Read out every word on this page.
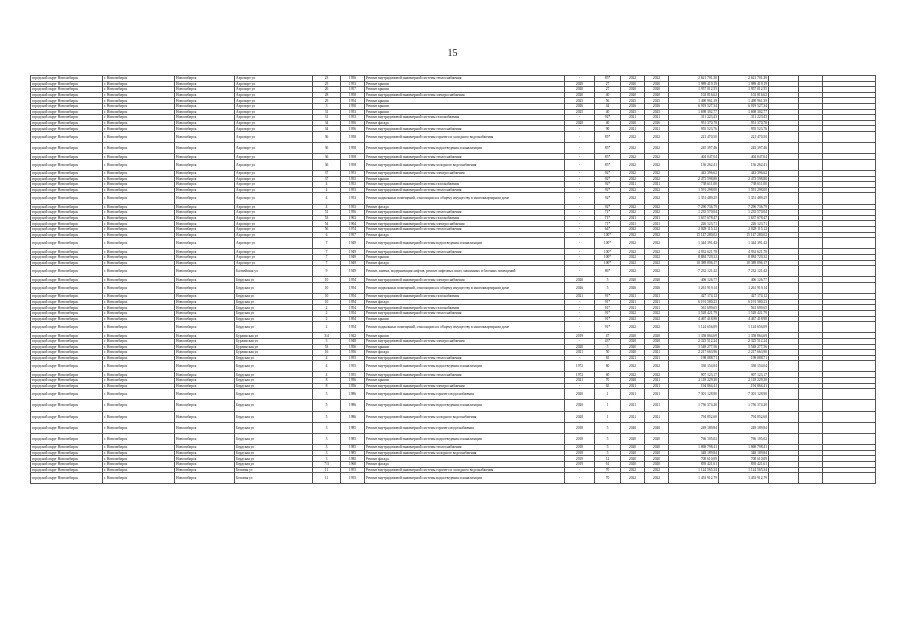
15
городской округ Новосибирск	г. Новосибирск	Новосибирск	Аэропорт ул	23	1956	Ремонт внутридомовой инженерной системы теплоснабжения	-	85*	2022	2022	2 621 701,30	2 621 701,30			
городской округ Новосибирск	г. Новосибирск	Новосибирск	Аэропорт ул	25	1953	Ремонт крыши	2020	27	2020	2020	1 989 419,19	1 989 419,19			
городской округ Новосибирск	г. Новосибирск	Новосибирск	Аэропорт ул	26	1957	Ремонт крыши	2020	27	2020	2020	1 957 012,55	1 957 012,55			
городской округ Новосибирск	г. Новосибирск	Новосибирск	Аэропорт ул	28	1958	Ремонт внутридомовой инженерной системы электроснабжения	2020	40	2020	2020	102 816,62	102 816,62			
городской округ Новосибирск	г. Новосибирск	Новосибирск	Аэропорт ул	29	1954	Ремонт крыши	2025	56	2025	2025	1 490 961,39	1 490 961,39			
городской округ Новосибирск	г. Новосибирск	Новосибирск	Аэропорт ул	3	1950	Ремонт крыши	2026	44	2026	2026	6 919 527,34	6 919 527,34			
городской округ Новосибирск	г. Новосибирск	Новосибирск	Аэропорт ул	31	1953	Ремонт крыши	2025	40	2025	2025	1 698 302,77	1 698 302,77			
городской округ Новосибирск	г. Новосибирск	Новосибирск	Аэропорт ул	31	1953	Ремонт внутридомовой инженерной системы газоснабжения	-	92*	2021	2021	311 223,43	311 223,43			
городской округ Новосибирск	г. Новосибирск	Новосибирск	Аэропорт ул	34	1956	Ремонт фасада	2020	40	2020	2026	951 370,78	951 370,78			
городской округ Новосибирск	г. Новосибирск	Новосибирск	Аэропорт ул	34	1956	Ремонт внутридомовой инженерной системы теплоснабжения	-	90	2021	2021	955 523,76	955 523,76			
городской округ Новосибирск	г. Новосибирск	Новосибирск	Аэропорт ул	36	1958	Ремонт внутридомовой инженерной системы горячего и холодного водоснабжения	-	85*	2022	2022	221 470,50	221 470,50			
городской округ Новосибирск	г. Новосибирск	Новосибирск	Аэропорт ул	36	1958	Ремонт внутридомовой инженерной системы водоотведения и канализации	-	85*	2022	2022	245 397,46	245 397,46			
городской округ Новосибирск	г. Новосибирск	Новосибирск	Аэропорт ул	36	1958	Ремонт внутридомовой инженерной системы теплоснабжения	-	85*	2022	2022	404 047,04	404 047,04			
городской округ Новосибирск	г. Новосибирск	Новосибирск	Аэропорт ул	36	1958	Ремонт внутридомовой инженерной системы холодного водоснабжения	-	85*	2022	2022	136 262,41	136 262,41			
городской округ Новосибирск	г. Новосибирск	Новосибирск	Аэропорт ул	37	1953	Ремонт внутридомовой инженерной системы электроснабжения	-	92*	2022	2022	443 396,62	443 396,62			
городской округ Новосибирск	г. Новосибирск	Новосибирск	Аэропорт ул	37	1953	Ремонт крыши	-	92*	2022	2022	2 473 598,80	2 473 598,80			
городской округ Новосибирск	г. Новосибирск	Новосибирск	Аэропорт ул	4	1953	Ремонт внутридомовой инженерной системы газоснабжения	-	92*	2021	2021	738 611,00	738 611,00			
городской округ Новосибирск	г. Новосибирск	Новосибирск	Аэропорт ул	4	1953	Ремонт внутридомовой инженерной системы теплоснабжения	-	92*	2022	2022	1 591 298,00	1 591 298,00			
городской округ Новосибирск	г. Новосибирск	Новосибирск	Аэропорт ул	4	1953	Ремонт подвальных помещений, относящихся к общему имуществу в многоквартирном доме	-	92*	2022	2022	1 351 489,25	1 351 489,25			
городской округ Новосибирск	г. Новосибирск	Новосибирск	Аэропорт ул	4	1953	Ремонт фасада	-	92*	2022	2022	7 290 736,79	7 290 736,79			
городской округ Новосибирск	г. Новосибирск	Новосибирск	Аэропорт ул	51	1956	Ремонт внутридомовой инженерной системы теплоснабжения	-	71*	2022	2022	1 235 570,04	1 235 570,04			
городской округ Новосибирск	г. Новосибирск	Новосибирск	Аэропорт ул	53	1963	Ремонт внутридомовой инженерной системы газоснабжения	-	71*	2021	2021	1 637 678,47	1 637 678,47			
городской округ Новосибирск	г. Новосибирск	Новосибирск	Аэропорт ул	54	1964	Ремонт внутридомовой инженерной системы электроснабжения	-	71*	2021	2021	226 123,71	226 123,71			
городской округ Новосибирск	г. Новосибирск	Новосибирск	Аэропорт ул	56	1974	Ремонт внутридомовой инженерной системы теплоснабжения	-	64*	2022	2022	2 828 115,12	2 828 115,12			
городской округ Новосибирск	г. Новосибирск	Новосибирск	Аэропорт ул	6	1957	Ремонт фасада	-	100*	2022	2022	15 147 280,02	15 147 280,02			
городской округ Новосибирск	г. Новосибирск	Новосибирск	Аэропорт ул	7	1949	Ремонт внутридомовой инженерной системы водоотведения и канализации	-	100*	2022	2022	1 344 391,42	1 344 391,42			
городской округ Новосибирск	г. Новосибирск	Новосибирск	Аэропорт ул	7	1949	Ремонт внутридомовой инженерной системы теплоснабжения	-	100*	2022	2022	4 932 621,78	4 932 621,78			
городской округ Новосибирск	г. Новосибирск	Новосибирск	Аэропорт ул	7	1949	Ремонт крыши	-	100*	2022	2022	8 884 729,32	8 884 729,32			
городской округ Новосибирск	г. Новосибирск	Новосибирск	Аэропорт ул	7	1949	Ремонт фасада	-	100*	2022	2022	10 389 896,17	10 389 896,17			
городской округ Новосибирск	г. Новосибирск	Новосибирск	Балтийская ул	9	1949	Ремонт, замена, модернизация лифтов, ремонт лифтовых шахт, машинных и блочных помещений	-	86*	2022	2022	7 232 121,42	7 232 121,42			
городской округ Новосибирск	г. Новосибирск	Новосибирск	Бердская ул	10	1954	Ремонт внутридомовой инженерной системы электроснабжения	2020	5	2020	2020	406 126,77	406 126,77			
городской округ Новосибирск	г. Новосибирск	Новосибирск	Бердская ул	10	1954	Ремонт подвальных помещений, относящихся к общему имуществу в многоквартирном доме	2026	5	2026	2026	1 261 919,14	1 261 919,14			
городской округ Новосибирск	г. Новосибирск	Новосибирск	Бердская ул	10	1954	Ремонт внутридомовой инженерной системы газоснабжения	2021	91*	2021	2021	427 174,12	427 174,12			
городской округ Новосибирск	г. Новосибирск	Новосибирск	Бердская ул	10	1954	Ремонт фасада	-	91*	2021	2021	6 191 580,23	6 191 580,23			
городской округ Новосибирск	г. Новосибирск	Новосибирск	Бердская ул	2	1954	Ремонт внутридомовой инженерной системы газоснабжения	-	91*	2021	2021	561 699,65	561 699,65			
городской округ Новосибирск	г. Новосибирск	Новосибирск	Бердская ул	2	1954	Ремонт внутридомовой инженерной системы теплоснабжения	-	91*	2022	2022	1 528 421,79	1 528 421,79			
городской округ Новосибирск	г. Новосибирск	Новосибирск	Бердская ул	2	1954	Ремонт крыши	-	91*	2022	2022	4 467 418,98	4 467 418,98			
городской округ Новосибирск	г. Новосибирск	Новосибирск	Бердская ул	2	1954	Ремонт подвальных помещений, относящихся к общему имуществу в многоквартирном доме	-	91*	2022	2022	1 124 656,09	1 124 656,09			
городской округ Новосибирск	г. Новосибирск	Новосибирск	Бурлинская ул	3/4	1942	Ремонт крыши	2019	47	2020	2020	1 358 864,69	1 358 864,69			
городской округ Новосибирск	г. Новосибирск	Новосибирск	Бурлинская ул	3	1948	Ремонт внутридомовой инженерной системы электроснабжения	-	43*	2020	2020	2 325 512,24	2 325 512,24			
городской округ Новосибирск	г. Новосибирск	Новосибирск	Бурлинская ул	53	1956	Ремонт крыши	2020	5	2020	2026	3 548 277,56	3 548 277,56			
городской округ Новосибирск	г. Новосибирск	Новосибирск	Бурлинская ул	16	1956	Ремонт фасада	2021	50	2020	2021	2 217 663,96	2 217 663,96			
городской округ Новосибирск	г. Новосибирск	Новосибирск	Бердская ул	4	1955	Ремонт внутридомовой инженерной системы теплоснабжения	-	65	2021	2021	198 088,71	198 088,71			
городской округ Новосибирск	г. Новосибирск	Новосибирск	Бердская ул	4	1955	Ремонт внутридомовой инженерной системы водоотведения и канализации	1972	60	2022	2022	330 154,04	330 154,04			
городской округ Новосибирск	г. Новосибирск	Новосибирск	Бердская ул	4	1955	Ремонт внутридомовой инженерной системы теплоснабжения	1972	60	2022	2022	907 123,17	907 123,17			
городской округ Новосибирск	г. Новосибирск	Новосибирск	Бердская ул	8	1956	Ремонт крыши	2021	70	2020	2021	2 118 229,30	2 118 229,30			
городской округ Новосибирск	г. Новосибирск	Новосибирск	Бердская ул	8	1956	Ремонт внутридомовой инженерной системы электроснабжения	-	65	2021	2021	194 864,41	194 864,41			
городской округ Новосибирск	г. Новосибирск	Новосибирск	Бердская ул	5	1986	Ремонт внутридомовой инженерной системы горячего водоснабжения	2020	1	2021	2021	7 301 128,90	7 301 128,90			
городской округ Новосибирск	г. Новосибирск	Новосибирск	Бердская ул	5	1986	Ремонт внутридомовой инженерной системы водоотведения и канализации	2020	1	2021	2021	1 756 374,20	1 756 374,20			
городской округ Новосибирск	г. Новосибирск	Новосибирск	Бердская ул	5	1986	Ремонт внутридомовой инженерной системы холодного водоснабжения	2020	1	2021	2021	794 852,60	794 852,60			
городской округ Новосибирск	г. Новосибирск	Новосибирск	Бердская ул	3	1985	Ремонт внутридомовой инженерной системы горячего водоснабжения	2018	5	2020	2020	249 189,84	249 189,84			
городской округ Новосибирск	г. Новосибирск	Новосибирск	Бердская ул	3	1985	Ремонт внутридомовой инженерной системы водоотведения и канализации	2018	5	2020	2020	766 105,02	766 105,02			
городской округ Новосибирск	г. Новосибирск	Новосибирск	Бердская ул	3	1985	Ремонт внутридомовой инженерной системы теплоснабжения	2018	5	2020	2020	1 868 798,41	1 868 798,41			
городской округ Новосибирск	г. Новосибирск	Новосибирск	Бердская ул	3	1985	Ремонт внутридомовой инженерной системы холодного водоснабжения	2018	5	2020	2020	348 189,84	348 189,84			
городской округ Новосибирск	г. Новосибирск	Новосибирск	Бердская ул	3	1985	Ремонт фасада	2019	12	2020	2020	708 610,09	708 610,09			
городской округ Новосибирск	г. Новосибирск	Новосибирск	Бердская ул	7/3	1968	Ремонт фасада	2019	61	2020	2020	839 421,61	839 421,61			
городской округ Новосибирск	г. Новосибирск	Новосибирск	Беловая ул	11	1955	Ремонт внутридомовой инженерной системы горячего и холодного водоснабжения	-	70	2022	2022	1 124 565,34	1 124 565,34			
городской округ Новосибирск	г. Новосибирск	Новосибирск	Беловая ул	11	1955	Ремонт внутридомовой инженерной системы водоотведения и канализации	-	70	2022	2022	1 453 912,79	1 453 912,79			
